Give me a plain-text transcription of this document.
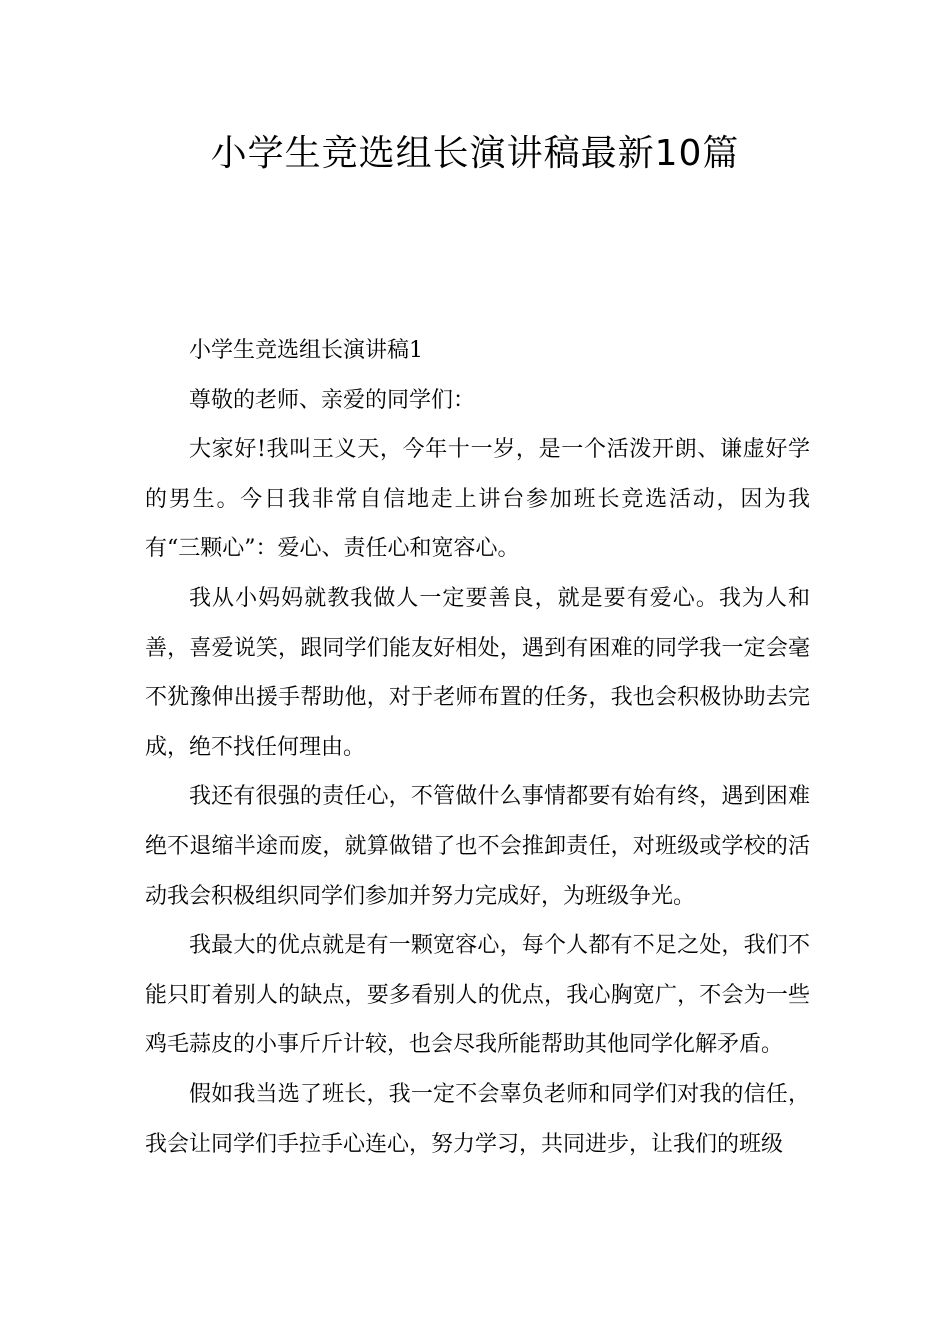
小学生竞选组长演讲稿最新10篇

小学生竞选组长演讲稿1

尊敬的老师、亲爱的同学们：

大家好!我叫王义天，今年十一岁，是一个活泼开朗、谦虚好学的男生。今日我非常自信地走上讲台参加班长竞选活动，因为我有“三颗心”：爱心、责任心和宽容心。

我从小妈妈就教我做人一定要善良，就是要有爱心。我为人和善，喜爱说笑，跟同学们能友好相处，遇到有困难的同学我一定会毫不犹豫伸出援手帮助他，对于老师布置的任务，我也会积极协助去完成，绝不找任何理由。

我还有很强的责任心，不管做什么事情都要有始有终，遇到困难绝不退缩半途而废，就算做错了也不会推卸责任，对班级或学校的活动我会积极组织同学们参加并努力完成好，为班级争光。

我最大的优点就是有一颗宽容心，每个人都有不足之处，我们不能只盯着别人的缺点，要多看别人的优点，我心胸宽广，不会为一些鸡毛蒜皮的小事斤斤计较，也会尽我所能帮助其他同学化解矛盾。

假如我当选了班长，我一定不会辜负老师和同学们对我的信任，我会让同学们手拉手心连心，努力学习，共同进步，让我们的班级
